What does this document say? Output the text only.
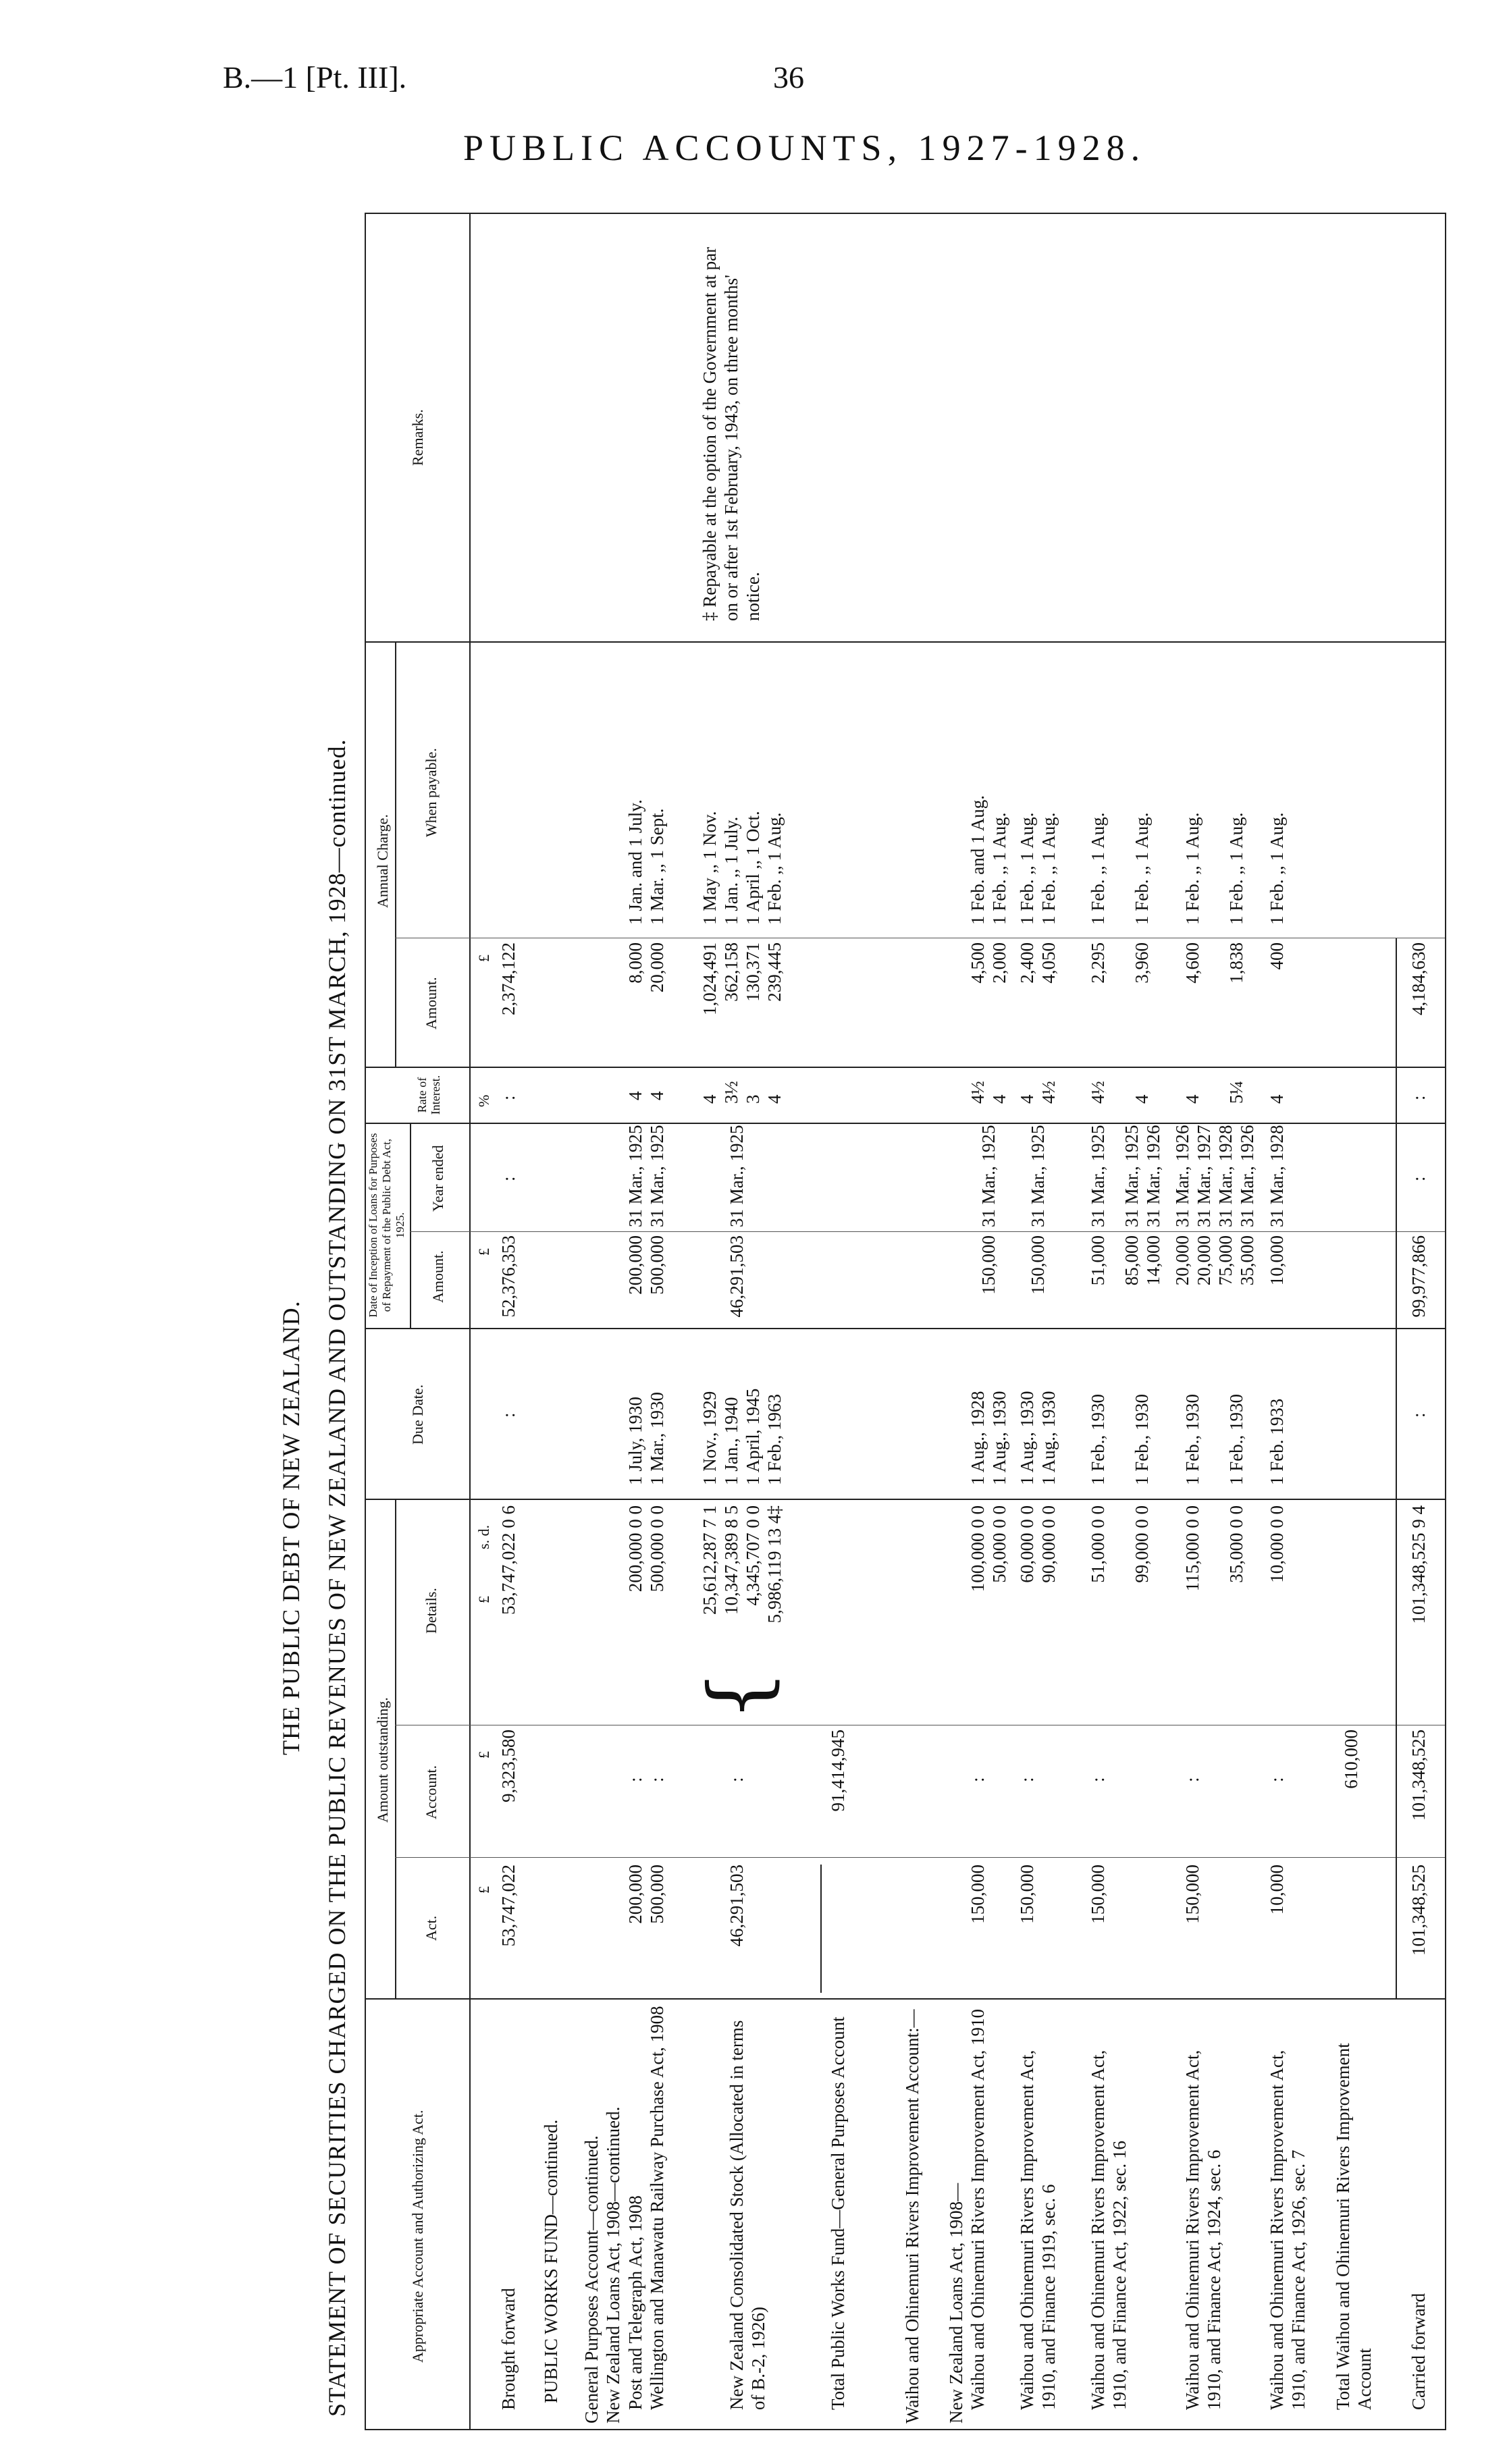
B.—1 [Pt. III].	36
PUBLIC ACCOUNTS, 1927-1928.
THE PUBLIC DEBT OF NEW ZEALAND. STATEMENT OF SECURITIES CHARGED ON THE PUBLIC REVENUES OF NEW ZEALAND AND OUTSTANDING ON 31ST MARCH, 1928—continued.	Appropriate Account and Authorizing Act.
Amount outstanding.
Act.
Account.
Details.
Due Date.
Date of Inception of Loans for Purposes of Repayment of the Public Debt Act, 1925.
Amount.
Year ended
Rate of Interest.
Annual Charge.
Amount.
When payable.
Remarks.
£
£
£
s. d.
£
%
£
Brought forward
53,747,022
9,323,580
53,747,022 0 6
:
52,376,353
:
:
2,374,122
PUBLIC WORKS FUND—continued. General Purposes Account—continued. New Zealand Loans Act, 1908—continued. Post and Telegraph Act, 1908
200,000
:
200,000 0 0
1 July, 1930
200,000
31 Mar., 1925
4
8,000
1 Jan. and 1 July.
Wellington and Manawatu Railway Purchase Act, 1908
500,000
:
500,000 0 0
1 Mar., 1930
500,000
31 Mar., 1925
4
20,000
1 Mar. ,, 1 Sept.
New Zealand Consolidated Stock (Allocated in terms of B.-2, 1926)
46,291,503
:
{
25,612,287 7 1 10,347,389 8 5 4,345,707 0 0 5,986,119 13 4‡
1 Nov., 1929 1 Jan., 1940 1 April, 1945 1 Feb., 1963
46,291,503
31 Mar., 1925
4 3½ 3 4
1,024,491 362,158 130,371 239,445
1 May ,, 1 Nov. 1 Jan. ,, 1 July. 1 April ,, 1 Oct. 1 Feb. ,, 1 Aug.
‡ Repayable at the option of the Government at par on or after 1st February, 1943, on three months' notice.
Total Public Works Fund—General Purposes Account
91,414,945
Waihou and Ohinemuri Rivers Improvement Account:— New Zealand Loans Act, 1908— Waihou and Ohinemuri Rivers Improvement Act, 1910
150,000
:
100,000 0 0 50,000 0 0
1 Aug., 1928 1 Aug., 1930
150,000
31 Mar., 1925
4½ 4
4,500 2,000
1 Feb. and 1 Aug. 1 Feb. ,, 1 Aug.
Waihou and Ohinemuri Rivers Improvement Act, 1910, and Finance 1919, sec. 6
150,000
:
60,000 0 0 90,000 0 0
1 Aug., 1930 1 Aug., 1930
150,000
31 Mar., 1925
4 4½
2,400 4,050
1 Feb. ,, 1 Aug. 1 Feb. ,, 1 Aug.
Waihou and Ohinemuri Rivers Improvement Act, 1910, and Finance Act, 1922, sec. 16
150,000
:
51,000 0 0 99,000 0 0
1 Feb., 1930 1 Feb., 1930
51,000 85,000 14,000
31 Mar., 1925 31 Mar., 1925 31 Mar., 1926
4½ 4
2,295 3,960
1 Feb. ,, 1 Aug. 1 Feb. ,, 1 Aug.
Waihou and Ohinemuri Rivers Improvement Act, 1910, and Finance Act, 1924, sec. 6
150,000
:
115,000 0 0 35,000 0 0
1 Feb., 1930 1 Feb., 1930
20,000 20,000 75,000 35,000
31 Mar., 1926 31 Mar., 1927 31 Mar., 1928 31 Mar., 1926
4 5¼
4,600 1,838
1 Feb. ,, 1 Aug. 1 Feb. ,, 1 Aug.
Waihou and Ohinemuri Rivers Improvement Act, 1910, and Finance Act, 1926, sec. 7
10,000
:
10,000 0 0
1 Feb. 1933
10,000
31 Mar., 1928
4
400
1 Feb. ,, 1 Aug.
Total Waihou and Ohinemuri Rivers Improvement Account
610,000
Carried forward
101,348,525
101,348,525
101,348,525 9 4
:
99,977,866
:
:
4,184,630
